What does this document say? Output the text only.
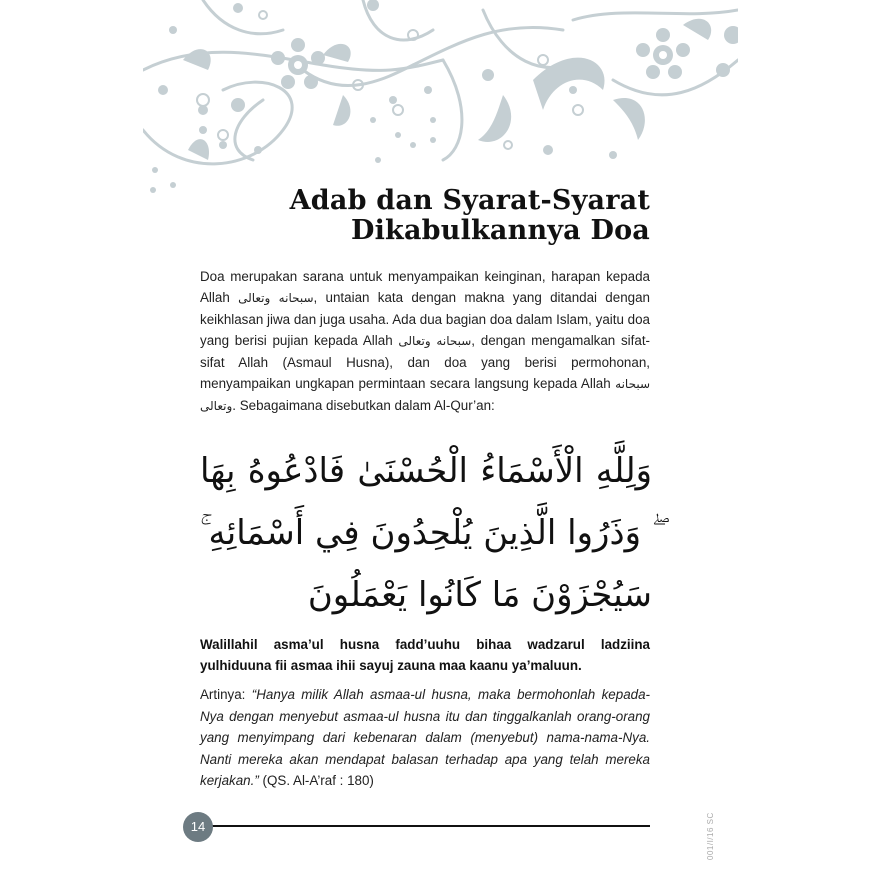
Adab dan Syarat-Syarat
Dikabulkannya Doa

Doa merupakan sarana untuk menyampaikan keinginan, harapan kepada Allah سبحانه وتعالى, untaian kata dengan makna yang ditandai dengan keikhlasan jiwa dan juga usaha. Ada dua bagian doa dalam Islam, yaitu doa yang berisi pujian kepada Allah سبحانه وتعالى, dengan mengamalkan sifat-sifat Allah (Asmaul Husna), dan doa yang berisi permohonan, menyampaikan ungkapan permintaan secara langsung kepada Allah سبحانه وتعالى. Sebagaimana disebutkan dalam Al-Qur’an:

وَلِلَّهِ الْأَسْمَاءُ الْحُسْنَىٰ فَادْعُوهُ بِهَا ۖ وَذَرُوا الَّذِينَ يُلْحِدُونَ فِي أَسْمَائِهِ ۚ سَيُجْزَوْنَ مَا كَانُوا يَعْمَلُونَ

Walillahil asma’ul husna fadd’uuhu bihaa wadzarul ladziina yulhiduuna fii asmaa ihii sayuj zauna maa kaanu ya’maluun.

Artinya: “Hanya milik Allah asmaa-ul husna, maka bermohonlah kepada-Nya dengan menyebut asmaa-ul husna itu dan tinggalkanlah orang-orang yang menyimpang dari kebenaran dalam (menyebut) nama-nama-Nya. Nanti mereka akan mendapat balasan terhadap apa yang telah mereka kerjakan.” (QS. Al-A’raf : 180)

14	001/I/16 SC
